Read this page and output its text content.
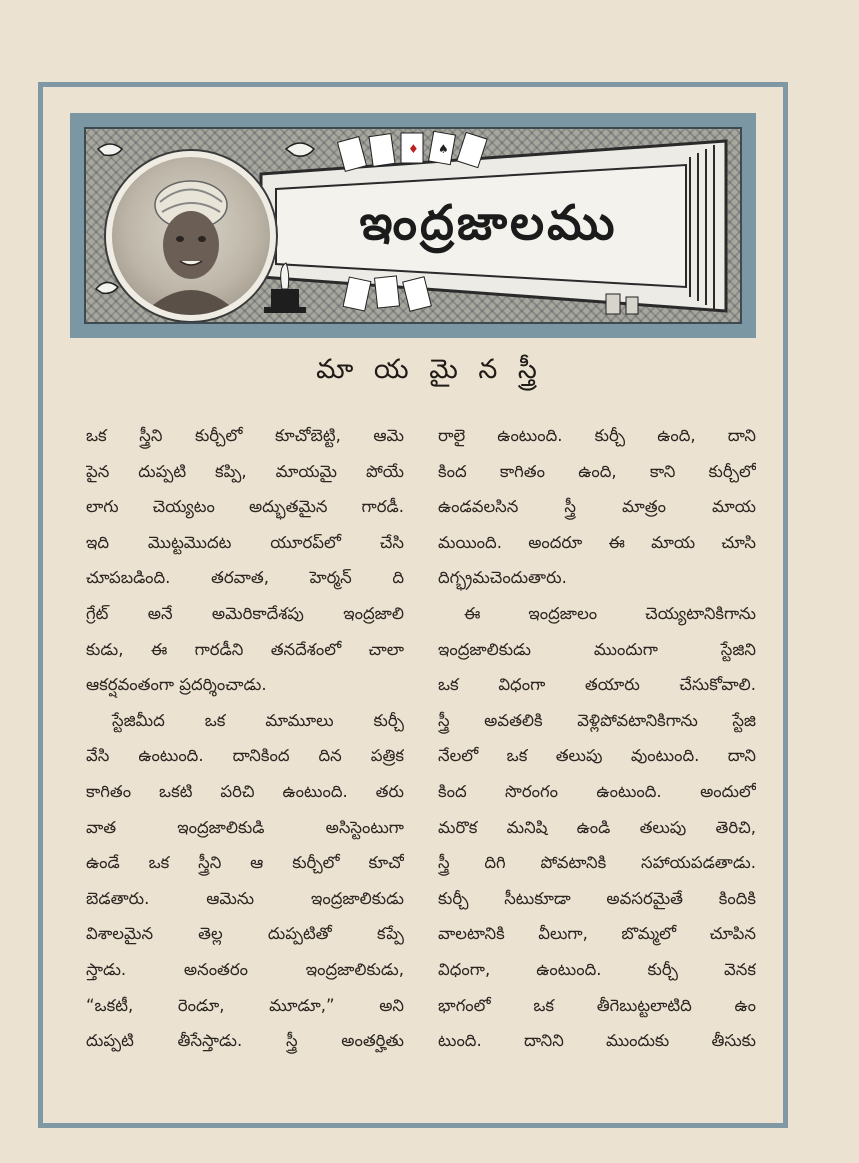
♦ ♠
ఇంద్రజాలము
మా య మై న స్త్రీ
ఒక స్త్రీని కుర్చీలో కూచోబెట్టి, ఆమె
పైన దుప్పటి కప్పి, మాయమై పోయే
లాగు చెయ్యటం అద్భుతమైన గారడీ.
ఇది మొట్టమొదట యూరప్‌లో చేసి
చూపబడింది. తరవాత, హెర్మన్ ది
గ్రేట్ అనే అమెరికాదేశపు ఇంద్రజాలి
కుడు, ఈ గారడీని తనదేశంలో చాలా
ఆకర్షవంతంగా ప్రదర్శించాడు.
స్టేజిమీద ఒక మామూలు కుర్చీ
వేసి ఉంటుంది. దానికింద దిన పత్రిక
కాగితం ఒకటి పరిచి ఉంటుంది. తరు
వాత ఇంద్రజాలికుడి అసిస్టెంటుగా
ఉండే ఒక స్త్రీని ఆ కుర్చీలో కూచో
బెడతారు. ఆమెను ఇంద్రజాలికుడు
విశాలమైన తెల్ల దుప్పటితో కప్పే
స్తాడు. అనంతరం ఇంద్రజాలికుడు,
“ఒకటీ, రెండూ, మూడూ,” అని
దుప్పటి తీసేస్తాడు. స్త్రీ అంతర్హితు
రాలై ఉంటుంది. కుర్చీ ఉంది, దాని
కింద కాగితం ఉంది, కాని కుర్చీలో
ఉండవలసిన స్త్రీ మాత్రం మాయ
మయింది. అందరూ ఈ మాయ చూసి
దిగ్భ్రమచెందుతారు.
ఈ ఇంద్రజాలం చెయ్యటానికిగాను
ఇంద్రజాలికుడు ముందుగా స్టేజిని
ఒక విధంగా తయారు చేసుకోవాలి.
స్త్రీ అవతలికి వెళ్లిపోవటానికిగాను స్టేజి
నేలలో ఒక తలుపు వుంటుంది. దాని
కింద సొరంగం ఉంటుంది. అందులో
మరొక మనిషి ఉండి తలుపు తెరిచి,
స్త్రీ దిగి పోవటానికి సహాయపడతాడు.
కుర్చీ సీటుకూడా అవసరమైతే కిందికి
వాలటానికి వీలుగా, బొమ్మలో చూపిన
విధంగా, ఉంటుంది. కుర్చీ వెనక
భాగంలో ఒక తీగెబుట్టలాటిది ఉం
టుంది. దానిని ముందుకు తీసుకు
